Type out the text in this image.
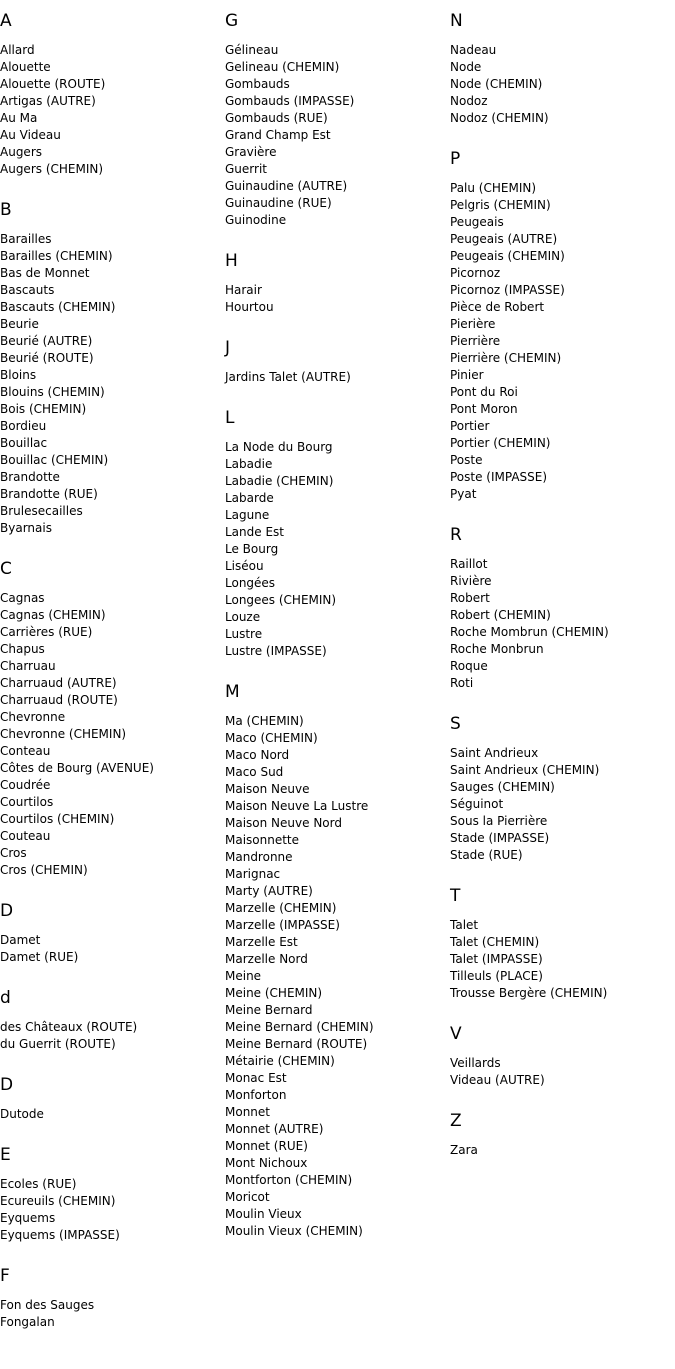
A
Allard
Alouette
Alouette (ROUTE)
Artigas (AUTRE)
Au Ma
Au Videau
Augers
Augers (CHEMIN)
B
Barailles
Barailles (CHEMIN)
Bas de Monnet
Bascauts
Bascauts (CHEMIN)
Beurie
Beurié (AUTRE)
Beurié (ROUTE)
Bloins
Blouins (CHEMIN)
Bois (CHEMIN)
Bordieu
Bouillac
Bouillac (CHEMIN)
Brandotte
Brandotte (RUE)
Brulesecailles
Byarnais
C
Cagnas
Cagnas (CHEMIN)
Carrières (RUE)
Chapus
Charruau
Charruaud (AUTRE)
Charruaud (ROUTE)
Chevronne
Chevronne (CHEMIN)
Conteau
Côtes de Bourg (AVENUE)
Coudrée
Courtilos
Courtilos (CHEMIN)
Couteau
Cros
Cros (CHEMIN)
D
Damet
Damet (RUE)
d
des Châteaux (ROUTE)
du Guerrit (ROUTE)
D
Dutode
E
Ecoles (RUE)
Ecureuils (CHEMIN)
Eyquems
Eyquems (IMPASSE)
F
Fon des Sauges
Fongalan
G
Gélineau
Gelineau (CHEMIN)
Gombauds
Gombauds (IMPASSE)
Gombauds (RUE)
Grand Champ Est
Gravière
Guerrit
Guinaudine (AUTRE)
Guinaudine (RUE)
Guinodine
H
Harair
Hourtou
J
Jardins Talet (AUTRE)
L
La Node du Bourg
Labadie
Labadie (CHEMIN)
Labarde
Lagune
Lande Est
Le Bourg
Liséou
Longées
Longees (CHEMIN)
Louze
Lustre
Lustre (IMPASSE)
M
Ma (CHEMIN)
Maco (CHEMIN)
Maco Nord
Maco Sud
Maison Neuve
Maison Neuve La Lustre
Maison Neuve Nord
Maisonnette
Mandronne
Marignac
Marty (AUTRE)
Marzelle (CHEMIN)
Marzelle (IMPASSE)
Marzelle Est
Marzelle Nord
Meine
Meine (CHEMIN)
Meine Bernard
Meine Bernard (CHEMIN)
Meine Bernard (ROUTE)
Métairie (CHEMIN)
Monac Est
Monforton
Monnet
Monnet (AUTRE)
Monnet (RUE)
Mont Nichoux
Montforton (CHEMIN)
Moricot
Moulin Vieux
Moulin Vieux (CHEMIN)
N
Nadeau
Node
Node (CHEMIN)
Nodoz
Nodoz (CHEMIN)
P
Palu (CHEMIN)
Pelgris (CHEMIN)
Peugeais
Peugeais (AUTRE)
Peugeais (CHEMIN)
Picornoz
Picornoz (IMPASSE)
Pièce de Robert
Pierière
Pierrière
Pierrière (CHEMIN)
Pinier
Pont du Roi
Pont Moron
Portier
Portier (CHEMIN)
Poste
Poste (IMPASSE)
Pyat
R
Raillot
Rivière
Robert
Robert (CHEMIN)
Roche Mombrun (CHEMIN)
Roche Monbrun
Roque
Roti
S
Saint Andrieux
Saint Andrieux (CHEMIN)
Sauges (CHEMIN)
Séguinot
Sous la Pierrière
Stade (IMPASSE)
Stade (RUE)
T
Talet
Talet (CHEMIN)
Talet (IMPASSE)
Tilleuls (PLACE)
Trousse Bergère (CHEMIN)
V
Veillards
Videau (AUTRE)
Z
Zara
